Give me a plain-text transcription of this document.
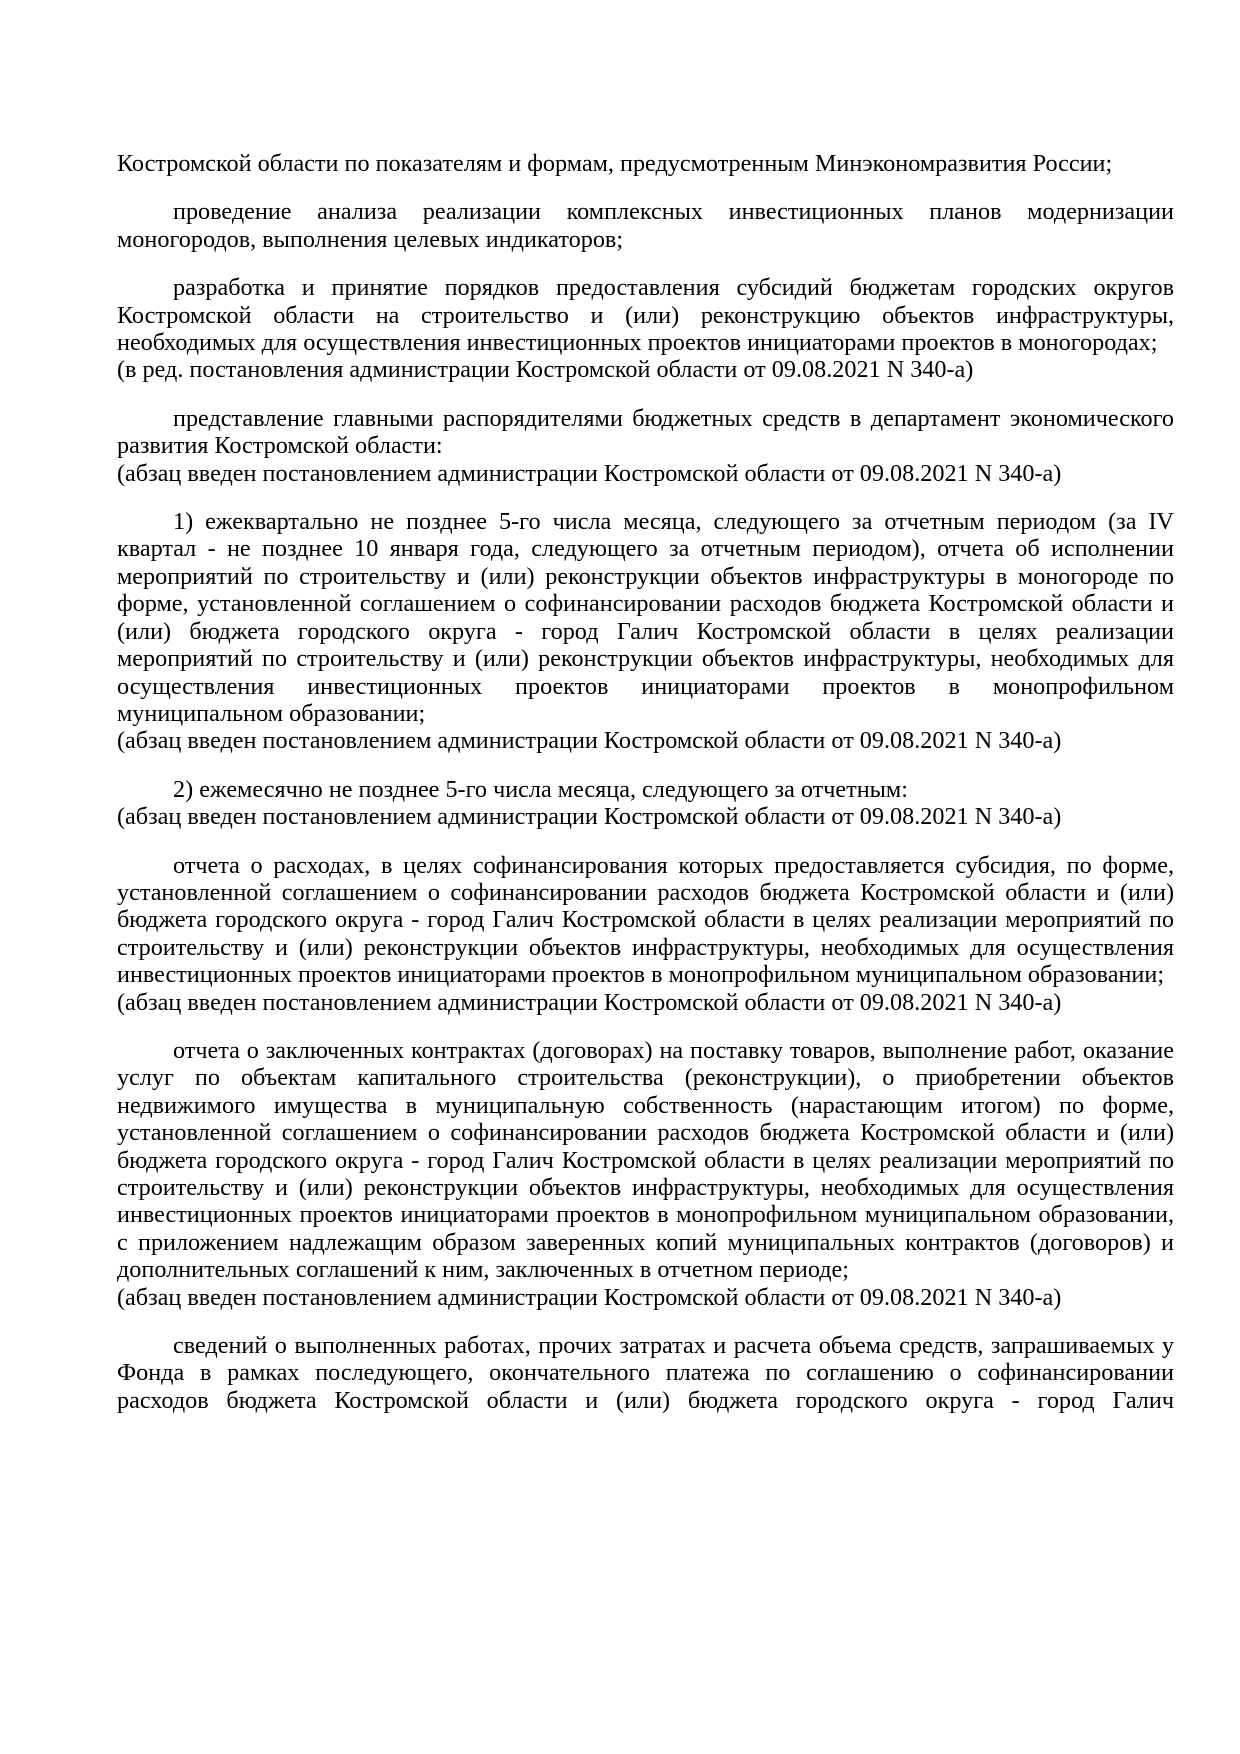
Костромской области по показателям и формам, предусмотренным Минэкономразвития России;

проведение анализа реализации комплексных инвестиционных планов модернизации моногородов, выполнения целевых индикаторов;

разработка и принятие порядков предоставления субсидий бюджетам городских округов Костромской области на строительство и (или) реконструкцию объектов инфраструктуры, необходимых для осуществления инвестиционных проектов инициаторами проектов в моногородах;

(в ред. постановления администрации Костромской области от 09.08.2021 N 340-а)

представление главными распорядителями бюджетных средств в департамент экономического развития Костромской области:

(абзац введен постановлением администрации Костромской области от 09.08.2021 N 340-а)

1) ежеквартально не позднее 5-го числа месяца, следующего за отчетным периодом (за IV квартал - не позднее 10 января года, следующего за отчетным периодом), отчета об исполнении мероприятий по строительству и (или) реконструкции объектов инфраструктуры в моногороде по форме, установленной соглашением о софинансировании расходов бюджета Костромской области и (или) бюджета городского округа - город Галич Костромской области в целях реализации мероприятий по строительству и (или) реконструкции объектов инфраструктуры, необходимых для осуществления инвестиционных проектов инициаторами проектов в монопрофильном муниципальном образовании;

(абзац введен постановлением администрации Костромской области от 09.08.2021 N 340-а)

2) ежемесячно не позднее 5-го числа месяца, следующего за отчетным:

(абзац введен постановлением администрации Костромской области от 09.08.2021 N 340-а)

отчета о расходах, в целях софинансирования которых предоставляется субсидия, по форме, установленной соглашением о софинансировании расходов бюджета Костромской области и (или) бюджета городского округа - город Галич Костромской области в целях реализации мероприятий по строительству и (или) реконструкции объектов инфраструктуры, необходимых для осуществления инвестиционных проектов инициаторами проектов в монопрофильном муниципальном образовании;

(абзац введен постановлением администрации Костромской области от 09.08.2021 N 340-а)

отчета о заключенных контрактах (договорах) на поставку товаров, выполнение работ, оказание услуг по объектам капитального строительства (реконструкции), о приобретении объектов недвижимого имущества в муниципальную собственность (нарастающим итогом) по форме, установленной соглашением о софинансировании расходов бюджета Костромской области и (или) бюджета городского округа - город Галич Костромской области в целях реализации мероприятий по строительству и (или) реконструкции объектов инфраструктуры, необходимых для осуществления инвестиционных проектов инициаторами проектов в монопрофильном муниципальном образовании, с приложением надлежащим образом заверенных копий муниципальных контрактов (договоров) и дополнительных соглашений к ним, заключенных в отчетном периоде;

(абзац введен постановлением администрации Костромской области от 09.08.2021 N 340-а)

сведений о выполненных работах, прочих затратах и расчета объема средств, запрашиваемых у Фонда в рамках последующего, окончательного платежа по соглашению о софинансировании расходов бюджета Костромской области и (или) бюджета городского округа - город Галич
